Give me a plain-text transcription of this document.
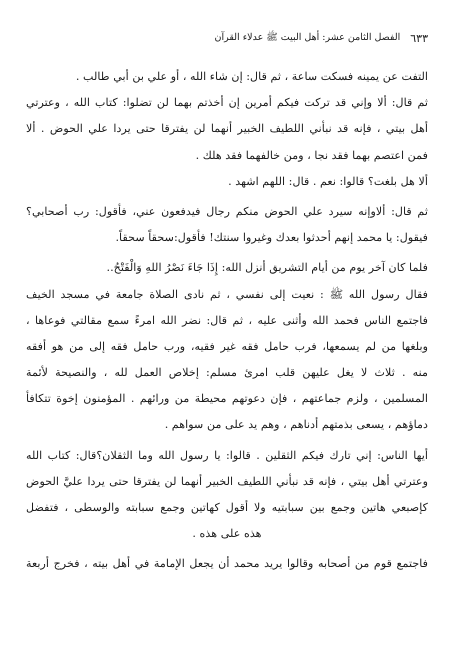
٦٣٣
الفصل الثامن عشر: أهل البيت ﷺ عدلاء القرآن
التفت عن يمينه فسكت ساعة ، ثم قال: إن شاء الله ، أو علي بن أبي طالب .
ثم قال: ألا وإني قد تركت فيكم أمرين إن أخذتم بهما لن تضلوا: كتاب الله ، وعترتي
أهل بيتي ، فإنه قد نبأني اللطيف الخبير أنهما لن يفترقا حتى يردا علي الحوض . ألا
فمن اعتصم بهما فقد نجا ، ومن خالفهما فقد هلك .
ألا هل بلغت؟ قالوا: نعم . قال: اللهم اشهد .
ثم قال: ألاوإنه سيرد علي الحوض منكم رجال فيدفعون عني، فأقول: رب أصحابي؟
فيقول: يا محمد إنهم أحدثوا بعدك وغيروا سنتك! فأقول:سحقاً سحقاً.
فلما كان آخر يوم من أيام التشريق أنزل الله: إِذَا جَاءَ نَصْرُ اللهِ وَالْفَتْحُ..
فقال رسول الله ﷺ : نعيت إلى نفسي ، ثم نادى الصلاة جامعة في مسجد الخيف
فاجتمع الناس فحمد الله وأثنى عليه ، ثم قال: نضر الله امرءً سمع مقالتي فوعاها ،
وبلغها من لم يسمعها، فرب حامل فقه غير فقيه، ورب حامل فقه إلى من هو أفقه
منه . ثلاث لا يغل عليهن قلب امرئ مسلم: إخلاص العمل لله ، والنصيحة لأئمة
المسلمين ، ولزم جماعتهم ، فإن دعوتهم محيطة من ورائهم . المؤمنون إخوة تتكافأ
دماؤهم ، يسعى بذمتهم أدناهم ، وهم يد على من سواهم .
أيها الناس: إني تارك فيكم الثقلين . قالوا: يا رسول الله وما الثقلان؟قال: كتاب الله
وعترتي أهل بيتي ، فإنه قد نبأني اللطيف الخبير أنهما لن يفترقا حتى يردا عليَّ الحوض
كإصبعي هاتين وجمع بين سبابتيه ولا أقول كهاتين وجمع سبابته والوسطى ، فتفضل
هذه على هذه .
فاجتمع قوم من أصحابه وقالوا يريد محمد أن يجعل الإمامة في أهل بيته ، فخرج أربعة
